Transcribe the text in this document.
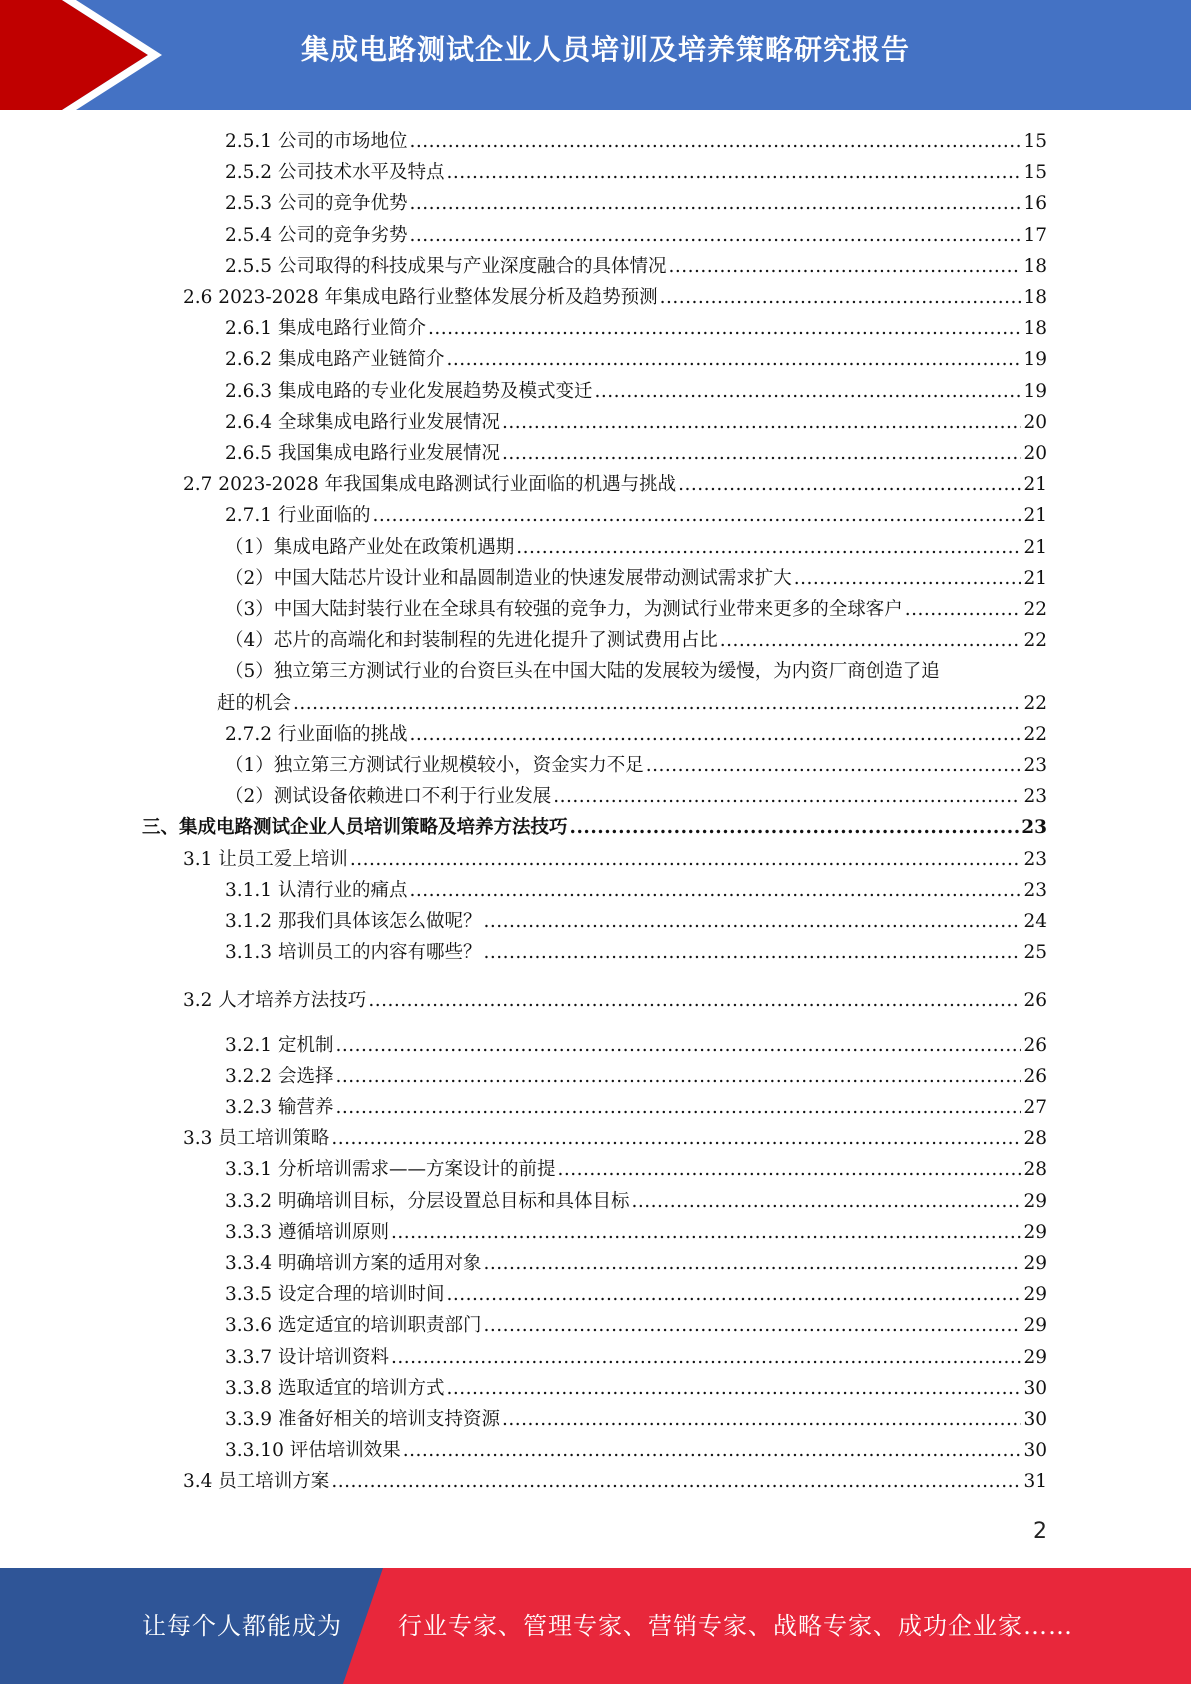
集成电路测试企业人员培训及培养策略研究报告
2.5.1 公司的市场地位 .....	15
2.5.2 公司技术水平及特点 .....	15
2.5.3 公司的竞争优势 .....	16
2.5.4 公司的竞争劣势 .....	17
2.5.5 公司取得的科技成果与产业深度融合的具体情况 .....	18
2.6 2023-2028 年集成电路行业整体发展分析及趋势预测 .....	18
2.6.1 集成电路行业简介 .....	18
2.6.2 集成电路产业链简介 .....	19
2.6.3 集成电路的专业化发展趋势及模式变迁 .....	19
2.6.4 全球集成电路行业发展情况 .....	20
2.6.5 我国集成电路行业发展情况 .....	20
2.7 2023-2028 年我国集成电路测试行业面临的机遇与挑战 .....	21
2.7.1 行业面临的 .....	21
（1）集成电路产业处在政策机遇期 .....	21
（2）中国大陆芯片设计业和晶圆制造业的快速发展带动测试需求扩大 .....	21
（3）中国大陆封装行业在全球具有较强的竞争力，为测试行业带来更多的全球客户 .....	22
（4）芯片的高端化和封装制程的先进化提升了测试费用占比 .....	22
（5）独立第三方测试行业的台资巨头在中国大陆的发展较为缓慢，为内资厂商创造了追
赶的机会 .....	22
2.7.2 行业面临的挑战 .....	22
（1）独立第三方测试行业规模较小，资金实力不足 .....	23
（2）测试设备依赖进口不利于行业发展 .....	23
三、集成电路测试企业人员培训策略及培养方法技巧 .....	23
3.1 让员工爱上培训 .....	23
3.1.1 认清行业的痛点 .....	23
3.1.2 那我们具体该怎么做呢？ .....	24
3.1.3 培训员工的内容有哪些？ .....	25
3.2 人才培养方法技巧 .....	26
3.2.1 定机制 .....	26
3.2.2 会选择 .....	26
3.2.3 输营养 .....	27
3.3 员工培训策略 .....	28
3.3.1 分析培训需求——方案设计的前提 .....	28
3.3.2 明确培训目标，分层设置总目标和具体目标 .....	29
3.3.3 遵循培训原则 .....	29
3.3.4 明确培训方案的适用对象 .....	29
3.3.5 设定合理的培训时间 .....	29
3.3.6 选定适宜的培训职责部门 .....	29
3.3.7 设计培训资料 .....	29
3.3.8 选取适宜的培训方式 .....	30
3.3.9 准备好相关的培训支持资源 .....	30
3.3.10 评估培训效果 .....	30
3.4 员工培训方案 .....	31
2
让每个人都能成为 行业专家、管理专家、营销专家、战略专家、成功企业家……
